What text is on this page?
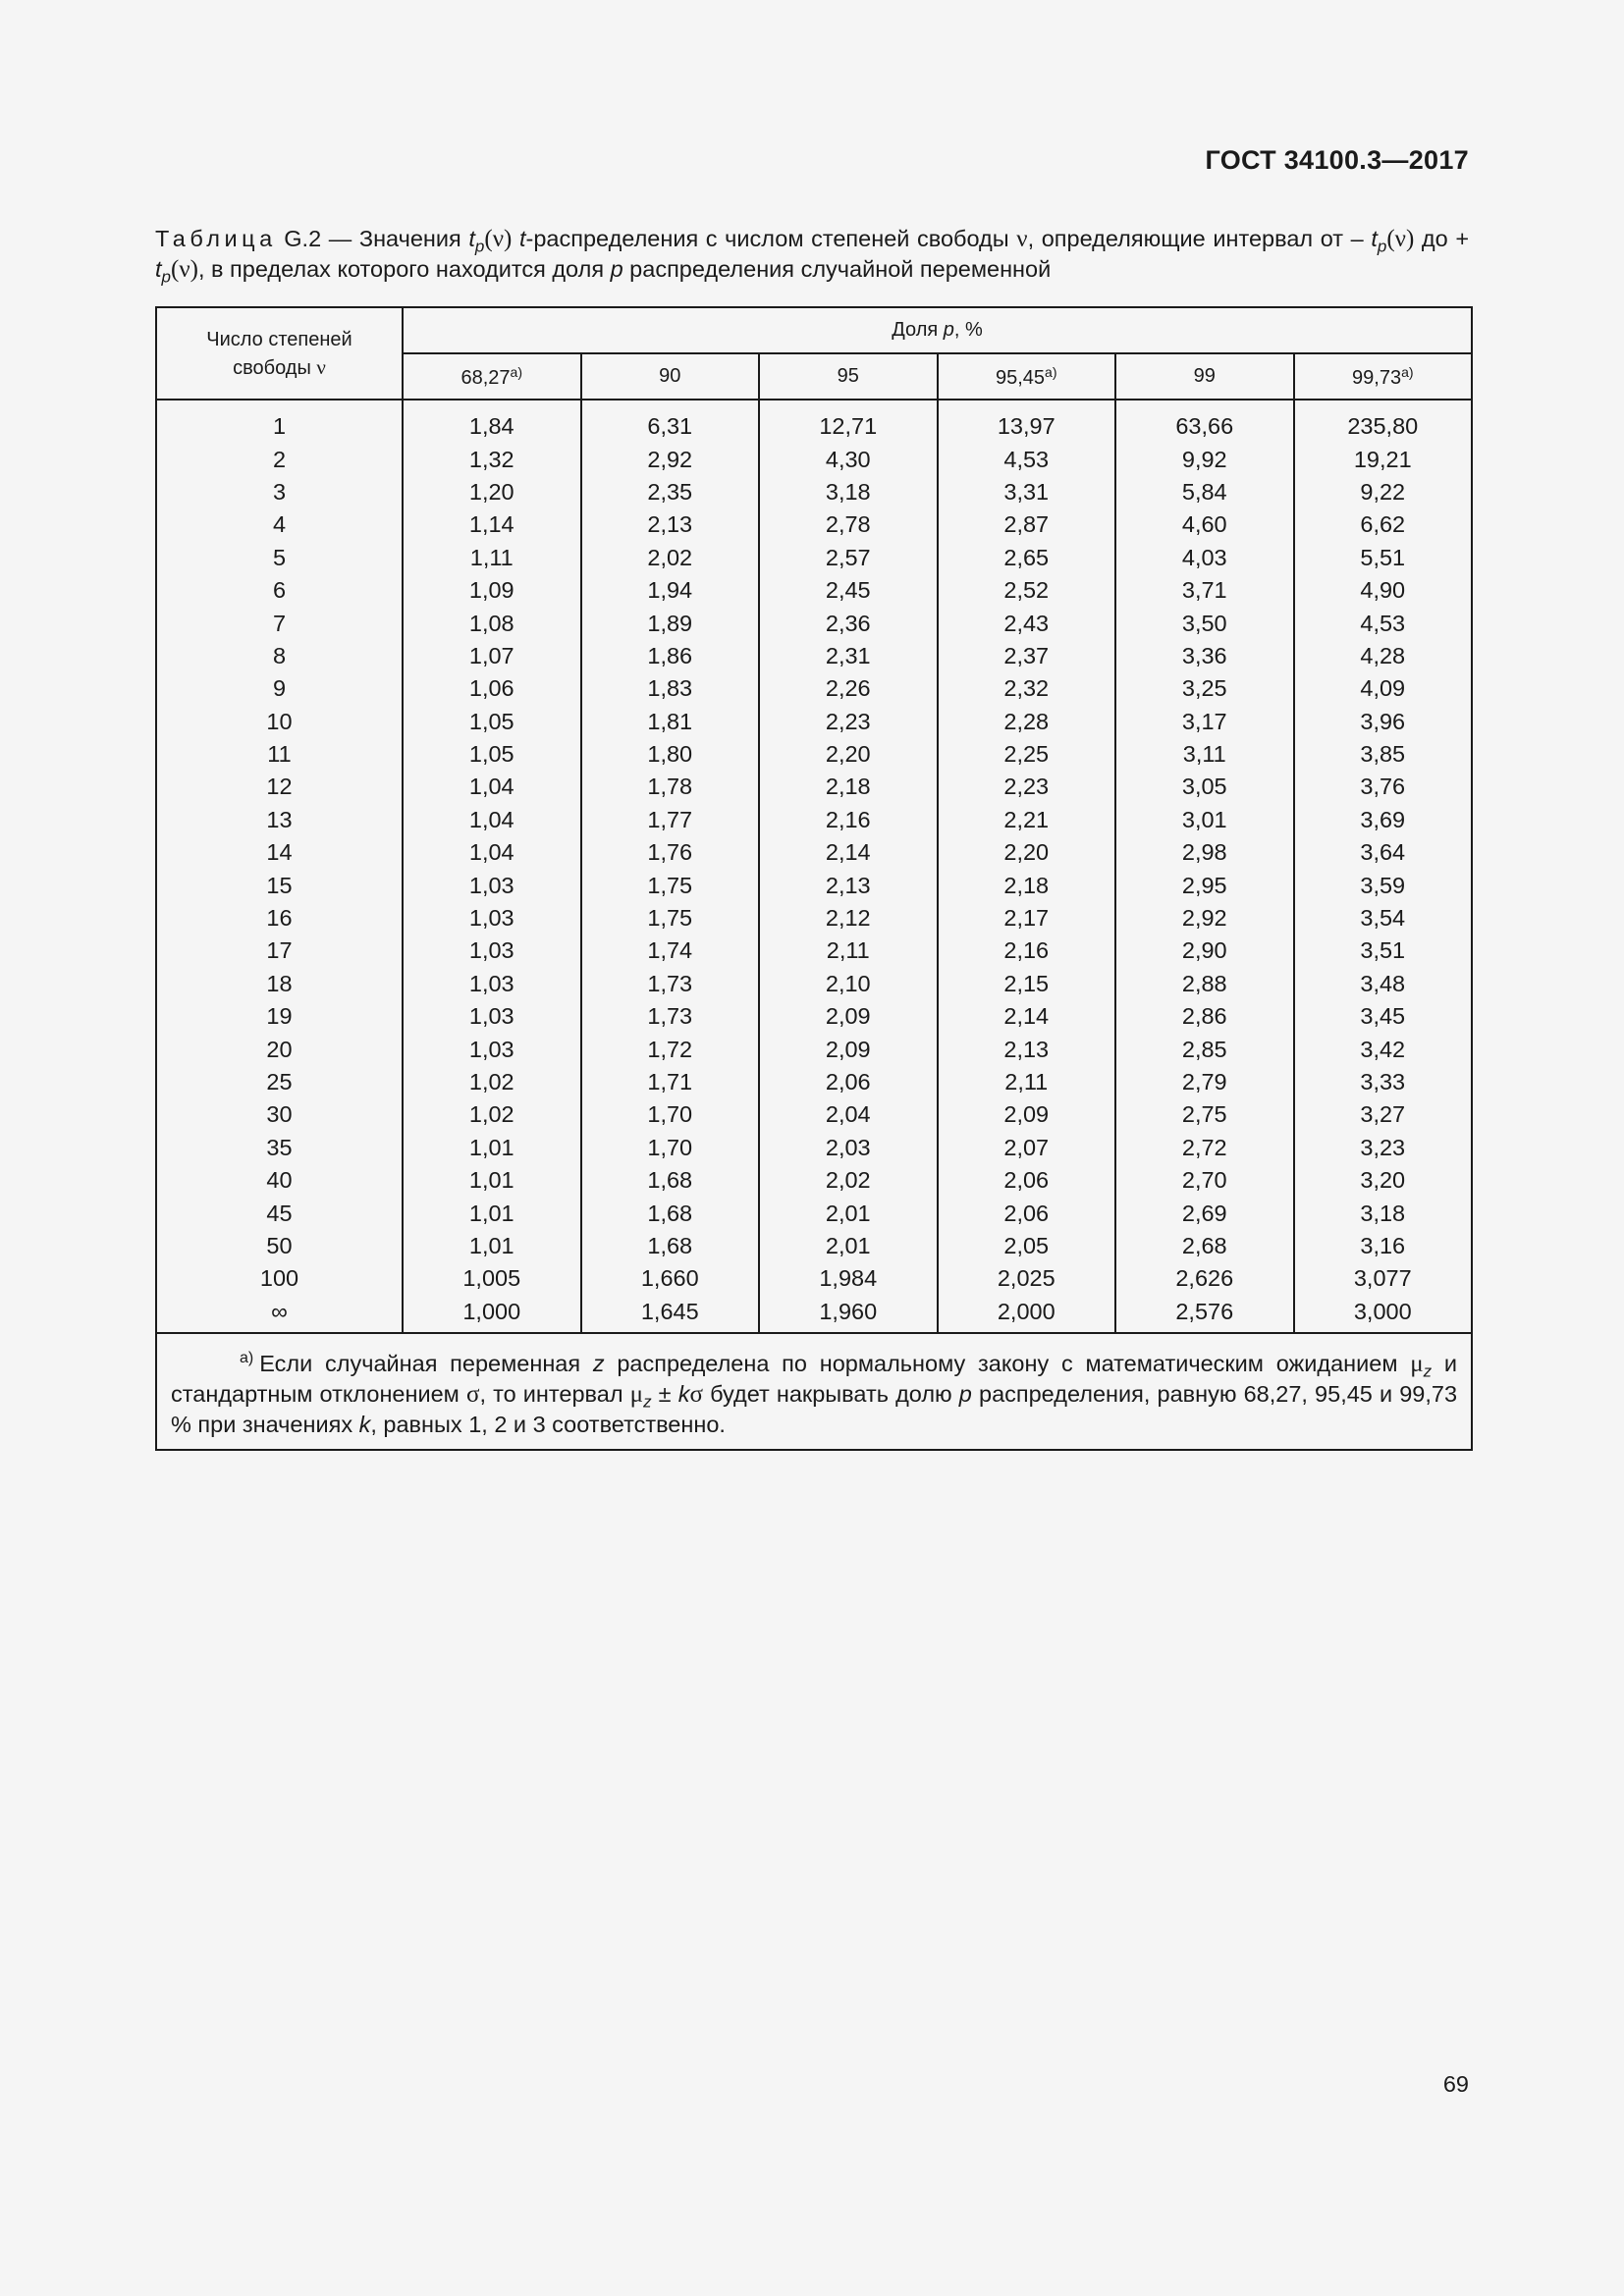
ГОСТ 34100.3—2017
Таблица G.2 — Значения $t_p(\nu)$ t-распределения с числом степеней свободы ν, определяющие интервал от – $t_p(\nu)$ до + $t_p(\nu)$, в пределах которого находится доля p распределения случайной переменной
Число степеней
свободы ν	Доля p, %					
	68,27$^{a)}$	90	95	95,45$^{a)}$	99	99,73$^{a)}$
1	1,84	6,31	12,71	13,97	63,66	235,80
2	1,32	2,92	4,30	4,53	9,92	19,21
3	1,20	2,35	3,18	3,31	5,84	9,22
4	1,14	2,13	2,78	2,87	4,60	6,62
5	1,11	2,02	2,57	2,65	4,03	5,51
6	1,09	1,94	2,45	2,52	3,71	4,90
7	1,08	1,89	2,36	2,43	3,50	4,53
8	1,07	1,86	2,31	2,37	3,36	4,28
9	1,06	1,83	2,26	2,32	3,25	4,09
10	1,05	1,81	2,23	2,28	3,17	3,96
11	1,05	1,80	2,20	2,25	3,11	3,85
12	1,04	1,78	2,18	2,23	3,05	3,76
13	1,04	1,77	2,16	2,21	3,01	3,69
14	1,04	1,76	2,14	2,20	2,98	3,64
15	1,03	1,75	2,13	2,18	2,95	3,59
16	1,03	1,75	2,12	2,17	2,92	3,54
17	1,03	1,74	2,11	2,16	2,90	3,51
18	1,03	1,73	2,10	2,15	2,88	3,48
19	1,03	1,73	2,09	2,14	2,86	3,45
20	1,03	1,72	2,09	2,13	2,85	3,42
25	1,02	1,71	2,06	2,11	2,79	3,33
30	1,02	1,70	2,04	2,09	2,75	3,27
35	1,01	1,70	2,03	2,07	2,72	3,23
40	1,01	1,68	2,02	2,06	2,70	3,20
45	1,01	1,68	2,01	2,06	2,69	3,18
50	1,01	1,68	2,01	2,05	2,68	3,16
100	1,005	1,660	1,984	2,025	2,626	3,077
∞	1,000	1,645	1,960	2,000	2,576	3,000
$^{a)}$ Если случайная переменная z распределена по нормальному закону с математическим ожиданием $\mu_z$ и стандартным отклонением σ, то интервал $\mu_z \pm k\sigma$ будет накрывать долю p распределения, равную 68,27, 95,45 и 99,73 % при значениях k, равных 1, 2 и 3 соответственно.						
69
